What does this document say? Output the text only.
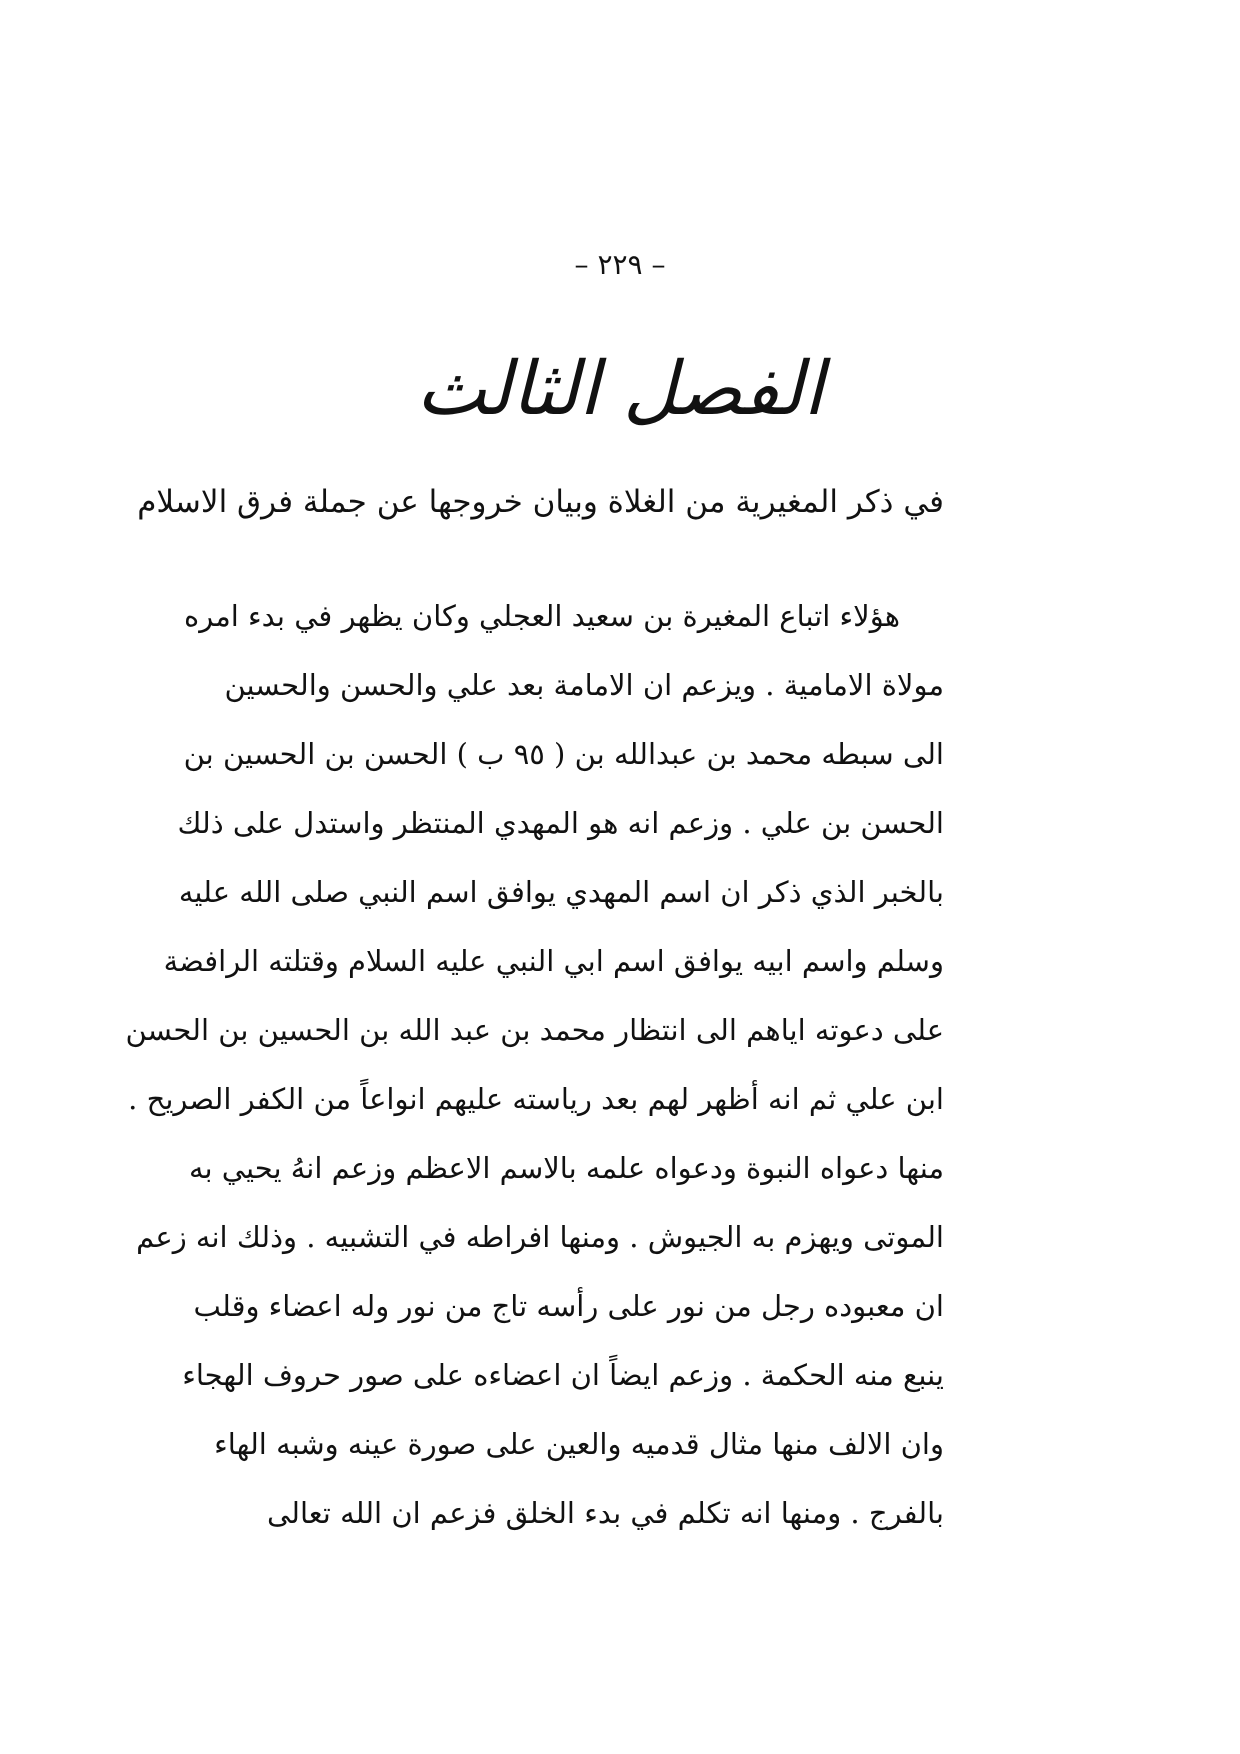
– ٢٢٩ –
الفصل الثالث
في ذكر المغيرية من الغلاة وبيان خروجها عن جملة فرق الاسلام
هؤلاء اتباع المغيرة بن سعيد العجلي وكان يظهر في بدء امره
مولاة الامامية . ويزعم ان الامامة بعد علي والحسن والحسين
الى سبطه محمد بن عبدالله بن ( ٩٥ ب ) الحسن بن الحسين بن
الحسن بن علي . وزعم انه هو المهدي المنتظر واستدل على ذلك
بالخبر الذي ذكر ان اسم المهدي يوافق اسم النبي صلى الله عليه
وسلم واسم ابيه يوافق اسم ابي النبي عليه السلام وقتلته الرافضة
على دعوته اياهم الى انتظار محمد بن عبد الله بن الحسين بن الحسن
ابن علي ثم انه أظهر لهم بعد رياسته عليهم انواعاً من الكفر الصريح .
منها دعواه النبوة ودعواه علمه بالاسم الاعظم وزعم انهُ يحيي به
الموتى ويهزم به الجيوش . ومنها افراطه في التشبيه . وذلك انه زعم
ان معبوده رجل من نور على رأسه تاج من نور وله اعضاء وقلب
ينبع منه الحكمة . وزعم ايضاً ان اعضاءه على صور حروف الهجاء
وان الالف منها مثال قدميه والعين على صورة عينه وشبه الهاء
بالفرج . ومنها انه تكلم في بدء الخلق فزعم ان الله تعالى
